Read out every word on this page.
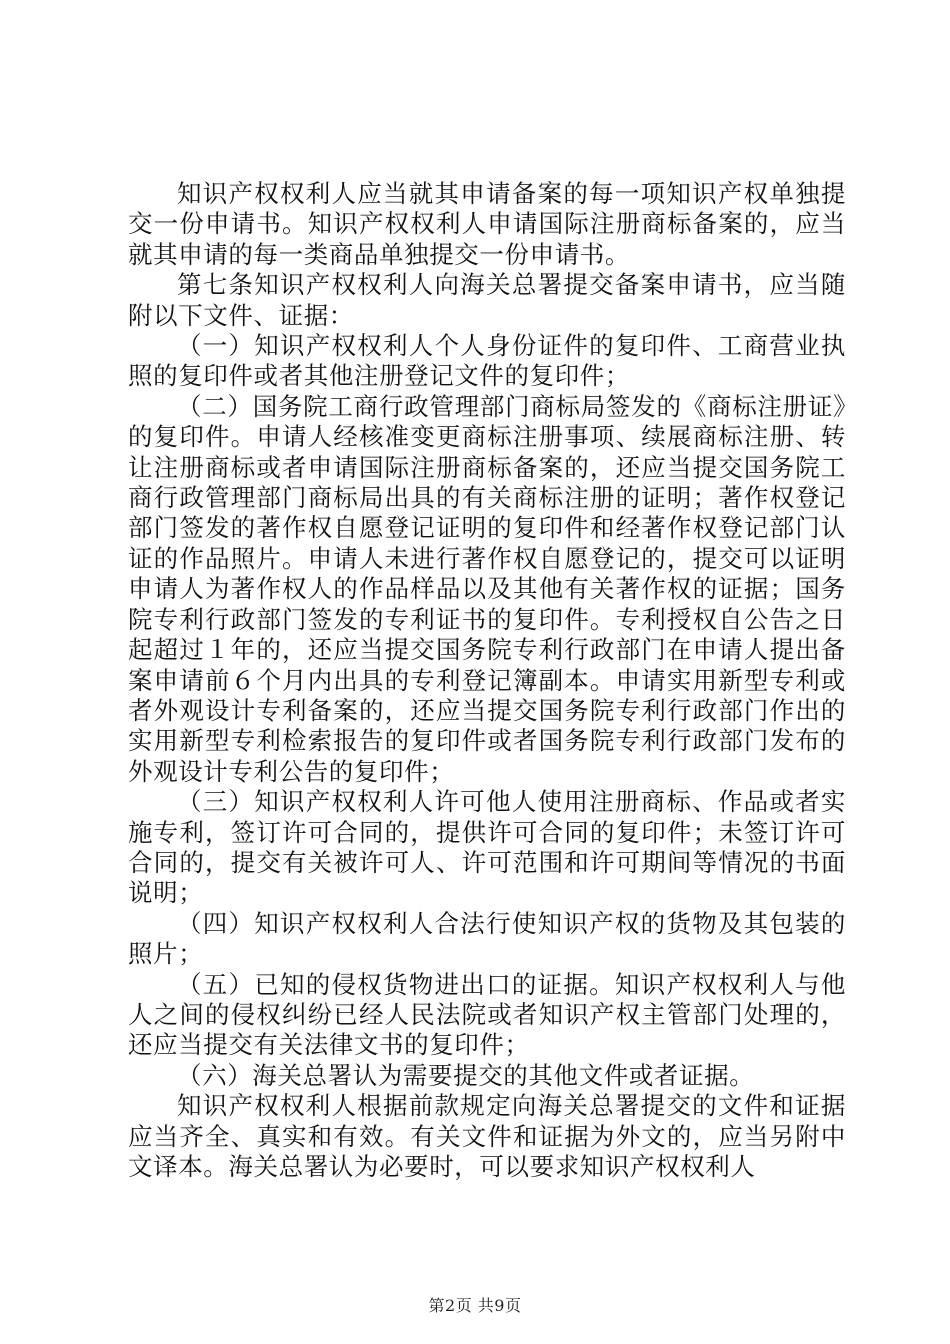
知识产权权利人应当就其申请备案的每一项知识产权单独提交一份申请书。知识产权权利人申请国际注册商标备案的，应当就其申请的每一类商品单独提交一份申请书。

第七条知识产权权利人向海关总署提交备案申请书，应当随附以下文件、证据：

（一）知识产权权利人个人身份证件的复印件、工商营业执照的复印件或者其他注册登记文件的复印件；

（二）国务院工商行政管理部门商标局签发的《商标注册证》的复印件。申请人经核准变更商标注册事项、续展商标注册、转让注册商标或者申请国际注册商标备案的，还应当提交国务院工商行政管理部门商标局出具的有关商标注册的证明；著作权登记部门签发的著作权自愿登记证明的复印件和经著作权登记部门认证的作品照片。申请人未进行著作权自愿登记的，提交可以证明申请人为著作权人的作品样品以及其他有关著作权的证据；国务院专利行政部门签发的专利证书的复印件。专利授权自公告之日起超过１年的，还应当提交国务院专利行政部门在申请人提出备案申请前６个月内出具的专利登记簿副本。申请实用新型专利或者外观设计专利备案的，还应当提交国务院专利行政部门作出的实用新型专利检索报告的复印件或者国务院专利行政部门发布的外观设计专利公告的复印件；

（三）知识产权权利人许可他人使用注册商标、作品或者实施专利，签订许可合同的，提供许可合同的复印件；未签订许可合同的，提交有关被许可人、许可范围和许可期间等情况的书面说明；

（四）知识产权权利人合法行使知识产权的货物及其包装的照片；

（五）已知的侵权货物进出口的证据。知识产权权利人与他人之间的侵权纠纷已经人民法院或者知识产权主管部门处理的，还应当提交有关法律文书的复印件；

（六）海关总署认为需要提交的其他文件或者证据。

知识产权权利人根据前款规定向海关总署提交的文件和证据应当齐全、真实和有效。有关文件和证据为外文的，应当另附中文译本。海关总署认为必要时，可以要求知识产权权利人

第2页 共9页
